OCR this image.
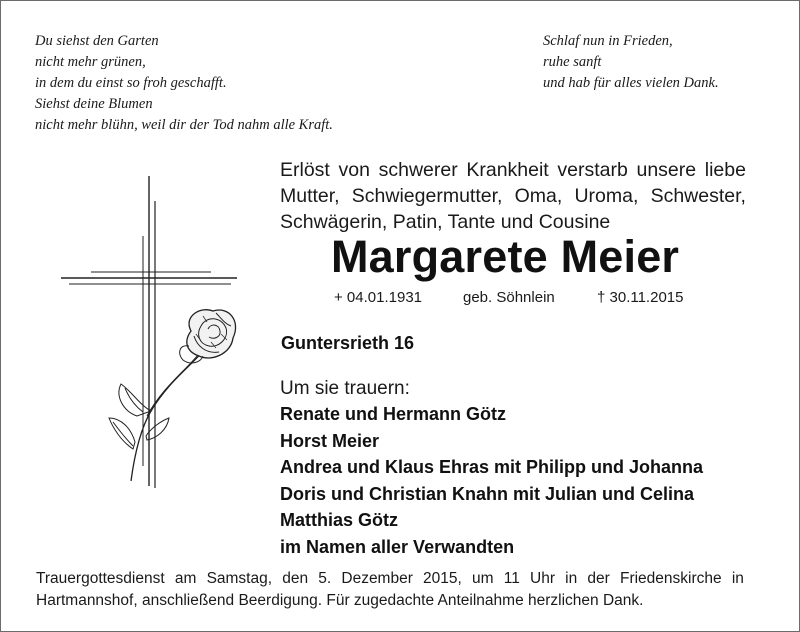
Du siehst den Garten
nicht mehr grünen,
in dem du einst so froh geschafft.
Siehst deine Blumen
nicht mehr blühn, weil dir der Tod nahm alle Kraft.
Schlaf nun in Frieden,
ruhe sanft
und hab für alles vielen Dank.
Erlöst von schwerer Krankheit verstarb unsere liebe
Mutter, Schwiegermutter, Oma, Uroma, Schwester,
Schwägerin, Patin, Tante und Cousine
Margarete Meier
+ 04.01.1931	geb. Söhnlein	† 30.11.2015
Guntersrieth 16
Um sie trauern:
Renate und Hermann Götz
Horst Meier
Andrea und Klaus Ehras mit Philipp und Johanna
Doris und Christian Knahn mit Julian und Celina
Matthias Götz
im Namen aller Verwandten
Trauergottesdienst am Samstag, den 5. Dezember 2015, um 11 Uhr in der Friedenskirche in
Hartmannshof, anschließend Beerdigung. Für zugedachte Anteilnahme herzlichen Dank.
